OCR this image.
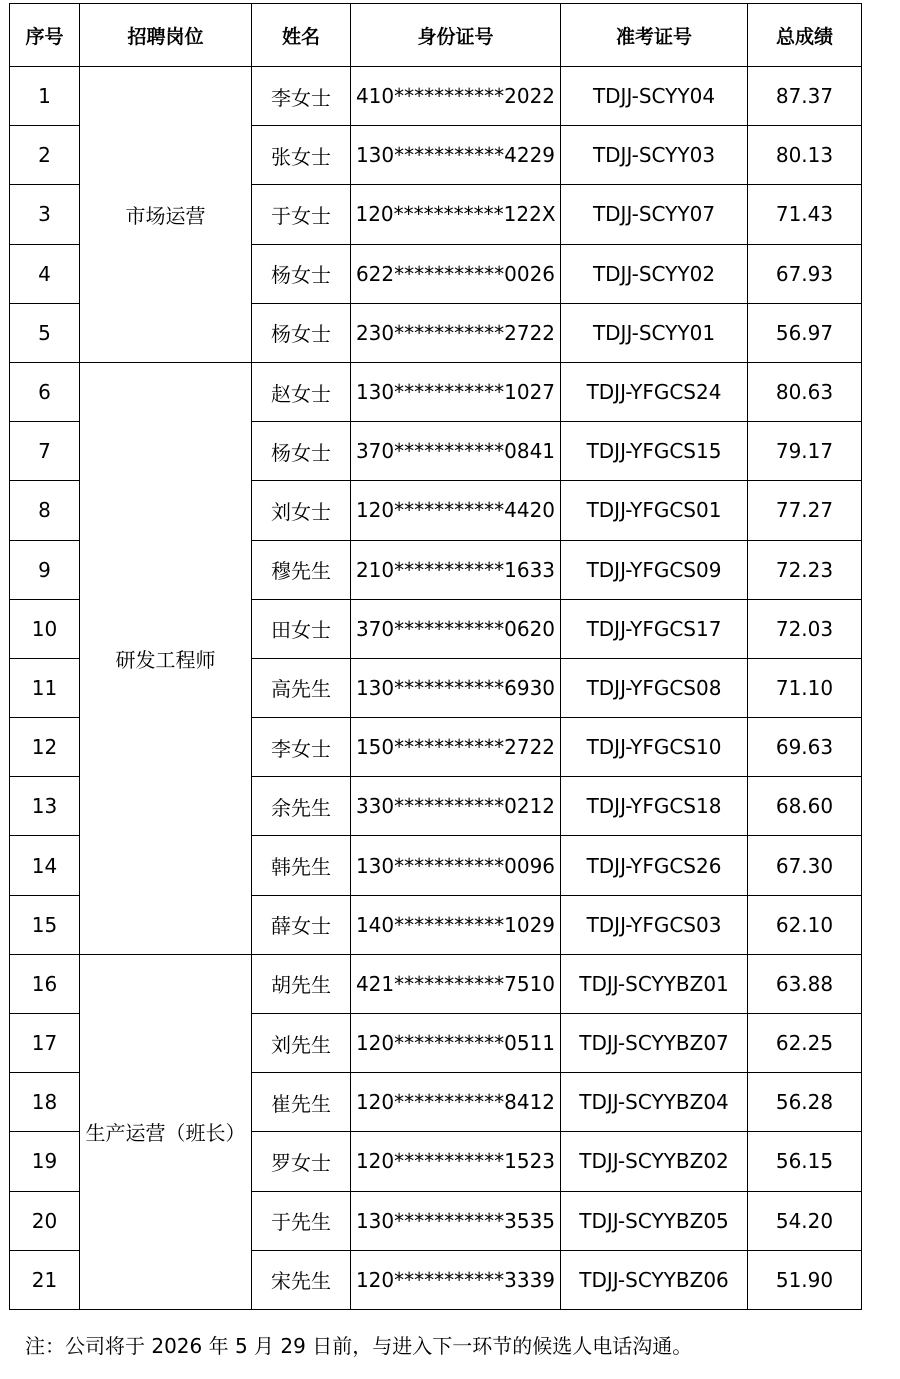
序号	招聘岗位	姓名	身份证号	准考证号	总成绩
1	市场运营	李女士	410***********2022	TDJJ-SCYY04	87.37
2		张女士	130***********4229	TDJJ-SCYY03	80.13
3		于女士	120***********122X	TDJJ-SCYY07	71.43
4		杨女士	622***********0026	TDJJ-SCYY02	67.93
5		杨女士	230***********2722	TDJJ-SCYY01	56.97
6	研发工程师	赵女士	130***********1027	TDJJ-YFGCS24	80.63
7		杨女士	370***********0841	TDJJ-YFGCS15	79.17
8		刘女士	120***********4420	TDJJ-YFGCS01	77.27
9		穆先生	210***********1633	TDJJ-YFGCS09	72.23
10		田女士	370***********0620	TDJJ-YFGCS17	72.03
11		高先生	130***********6930	TDJJ-YFGCS08	71.10
12		李女士	150***********2722	TDJJ-YFGCS10	69.63
13		余先生	330***********0212	TDJJ-YFGCS18	68.60
14		韩先生	130***********0096	TDJJ-YFGCS26	67.30
15		薛女士	140***********1029	TDJJ-YFGCS03	62.10
16	生产运营（班长）	胡先生	421***********7510	TDJJ-SCYYBZ01	63.88
17		刘先生	120***********0511	TDJJ-SCYYBZ07	62.25
18		崔先生	120***********8412	TDJJ-SCYYBZ04	56.28
19		罗女士	120***********1523	TDJJ-SCYYBZ02	56.15
20		于先生	130***********3535	TDJJ-SCYYBZ05	54.20
21		宋先生	120***********3339	TDJJ-SCYYBZ06	51.90
注：公司将于 2026 年 5 月 29 日前，与进入下一环节的候选人电话沟通。
